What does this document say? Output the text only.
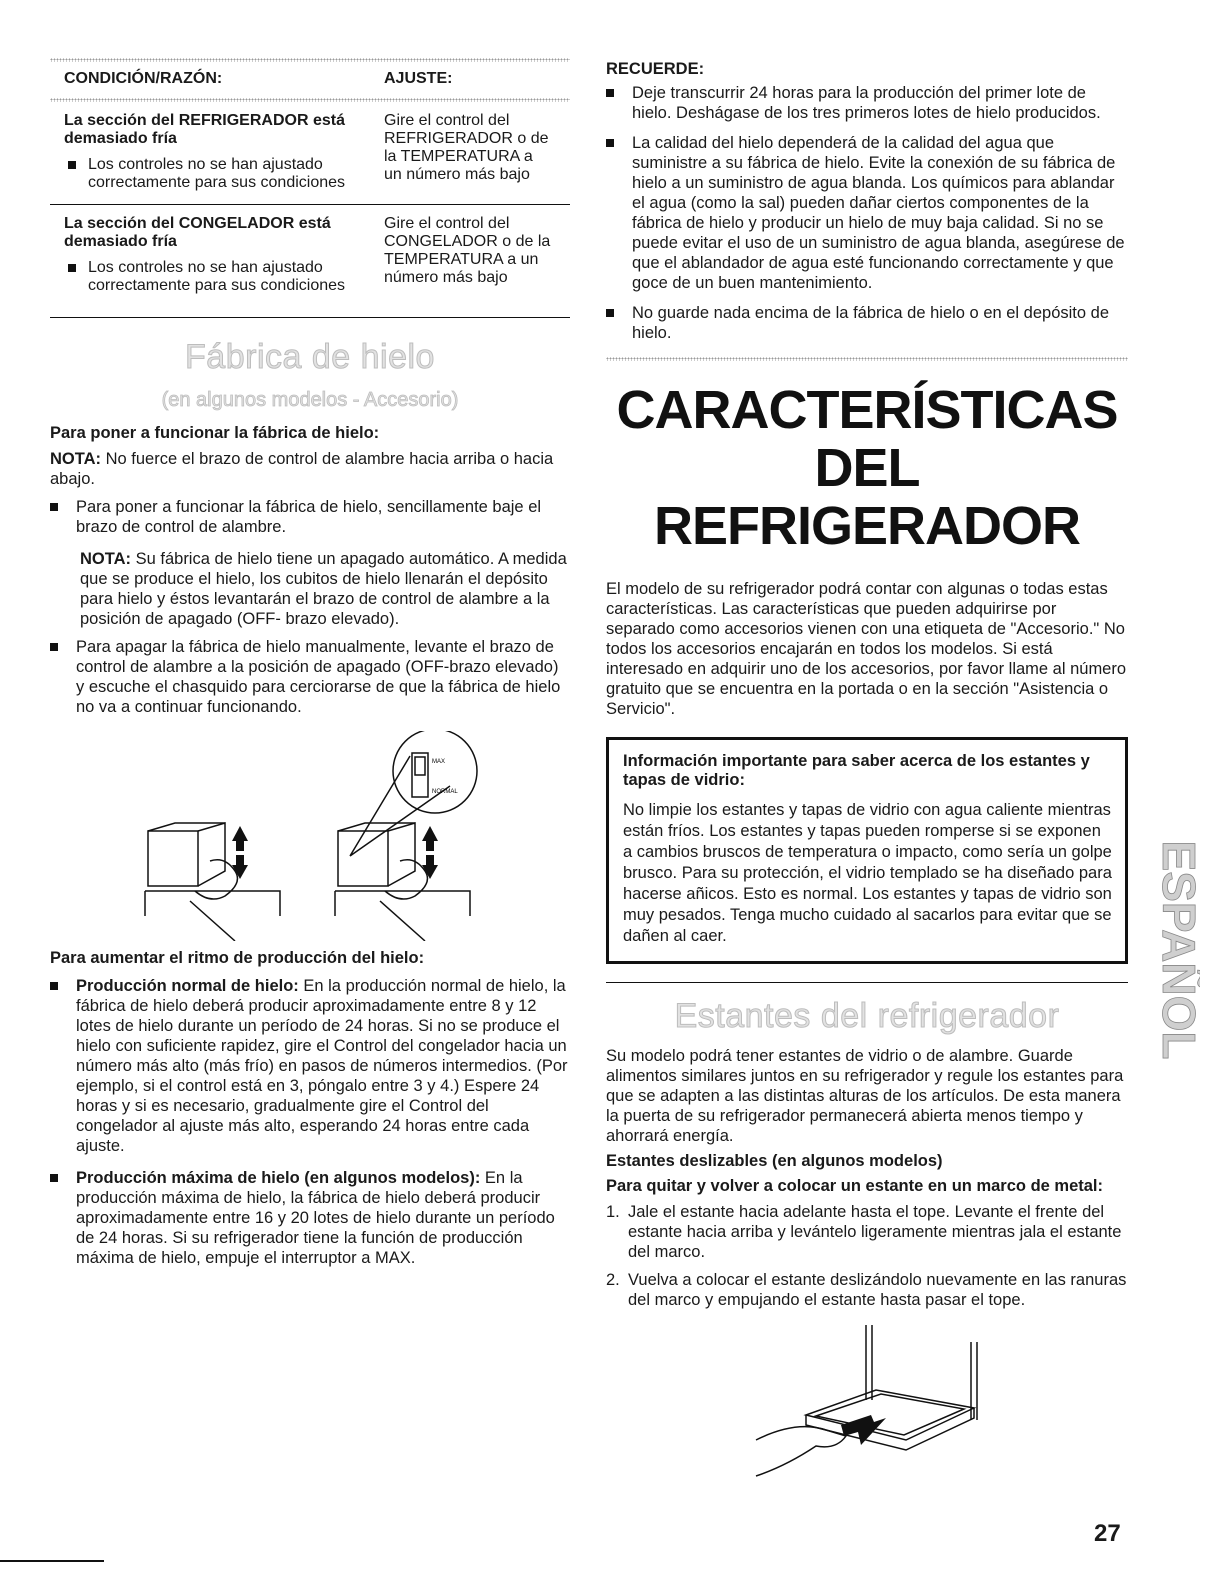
CONDICIÓN/RAZÓN:	AJUSTE:
La sección del REFRIGERADOR está demasiado fría
Los controles no se han ajustado correctamente para sus condiciones
Gire el control del REFRIGERADOR o de la TEMPERATURA a un número más bajo
La sección del CONGELADOR está demasiado fría
Los controles no se han ajustado correctamente para sus condiciones
Gire el control del CONGELADOR o de la TEMPERATURA a un número más bajo
Fábrica de hielo
(en algunos modelos - Accesorio)
Para poner a funcionar la fábrica de hielo:

NOTA: No fuerce el brazo de control de alambre hacia arriba o hacia abajo.

Para poner a funcionar la fábrica de hielo, sencillamente baje el brazo de control de alambre.

NOTA: Su fábrica de hielo tiene un apagado automático. A medida que se produce el hielo, los cubitos de hielo llenarán el depósito para hielo y éstos levantarán el brazo de control de alambre a la posición de apagado (OFF- brazo elevado).

Para apagar la fábrica de hielo manualmente, levante el brazo de control de alambre a la posición de apagado (OFF-brazo elevado) y escuche el chasquido para cerciorarse de que la fábrica de hielo no va a continuar funcionando.
MAX
NORMAL
Para aumentar el ritmo de producción del hielo:
Producción normal de hielo: En la producción normal de hielo, la fábrica de hielo deberá producir aproximadamente entre 8 y 12 lotes de hielo durante un período de 24 horas. Si no se produce el hielo con suficiente rapidez, gire el Control del congelador hacia un número más alto (más frío) en pasos de números intermedios. (Por ejemplo, si el control está en 3, póngalo entre 3 y 4.) Espere 24 horas y si es necesario, gradualmente gire el Control del congelador al ajuste más alto, esperando 24 horas entre cada ajuste.
Producción máxima de hielo (en algunos modelos): En la producción máxima de hielo, la fábrica de hielo deberá producir aproximadamente entre 16 y 20 lotes de hielo durante un período de 24 horas. Si su refrigerador tiene la función de producción máxima de hielo, empuje el interruptor a MAX.
RECUERDE:
Deje transcurrir 24 horas para la producción del primer lote de hielo. Deshágase de los tres primeros lotes de hielo producidos.
La calidad del hielo dependerá de la calidad del agua que suministre a su fábrica de hielo. Evite la conexión de su fábrica de hielo a un suministro de agua blanda. Los químicos para ablandar el agua (como la sal) pueden dañar ciertos componentes de la fábrica de hielo y producir un hielo de muy baja calidad. Si no se puede evitar el uso de un suministro de agua blanda, asegúrese de que el ablandador de agua esté funcionando correctamente y que goce de un buen mantenimiento.
No guarde nada encima de la fábrica de hielo o en el depósito de hielo.
CARACTERÍSTICAS DEL
REFRIGERADOR

El modelo de su refrigerador podrá contar con algunas o todas estas características. Las características que pueden adquirirse por separado como accesorios vienen con una etiqueta de "Accesorio." No todos los accesorios encajarán en todos los modelos. Si está interesado en adquirir uno de los accesorios, por favor llame al número gratuito que se encuentra en la portada o en la sección "Asistencia o Servicio".

Información importante para saber acerca de los estantes y tapas de vidrio:

No limpie los estantes y tapas de vidrio con agua caliente mientras están fríos. Los estantes y tapas pueden romperse si se exponen a cambios bruscos de temperatura o impacto, como sería un golpe brusco. Para su protección, el vidrio templado se ha diseñado para hacerse añicos. Esto es normal. Los estantes y tapas de vidrio son muy pesados. Tenga mucho cuidado al sacarlos para evitar que se dañen al caer.

Estantes del refrigerador

Su modelo podrá tener estantes de vidrio o de alambre. Guarde alimentos similares juntos en su refrigerador y regule los estantes para que se adapten a las distintas alturas de los artículos. De esta manera la puerta de su refrigerador permanecerá abierta menos tiempo y ahorrará energía.

Estantes deslizables (en algunos modelos)
Para quitar y volver a colocar un estante en un marco de metal:
1. Jale el estante hacia adelante hasta el tope. Levante el frente del estante hacia arriba y levántelo ligeramente mientras jala el estante del marco.
2. Vuelva a colocar el estante deslizándolo nuevamente en las ranuras del marco y empujando el estante hasta pasar el tope.
ESPAÑOL
27
